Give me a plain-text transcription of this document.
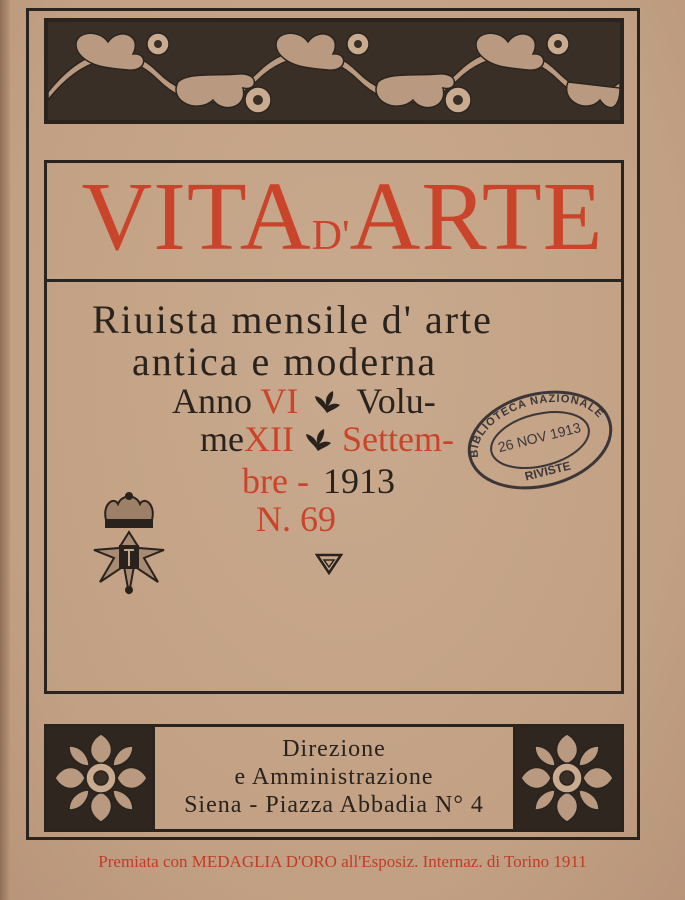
VITAD'ARTE
Riuista mensile d' arte
antica e moderna
Anno VI Volu-
meXII Settem-
bre - 1913
N. 69
BIBLIOTECA NAZIONALE
26 NOV 1913
RIVISTE
Direzione
e Amministrazione
Siena - Piazza Abbadia N° 4
Premiata con MEDAGLIA D'ORO all'Esposiz. Internaz. di Torino 1911
